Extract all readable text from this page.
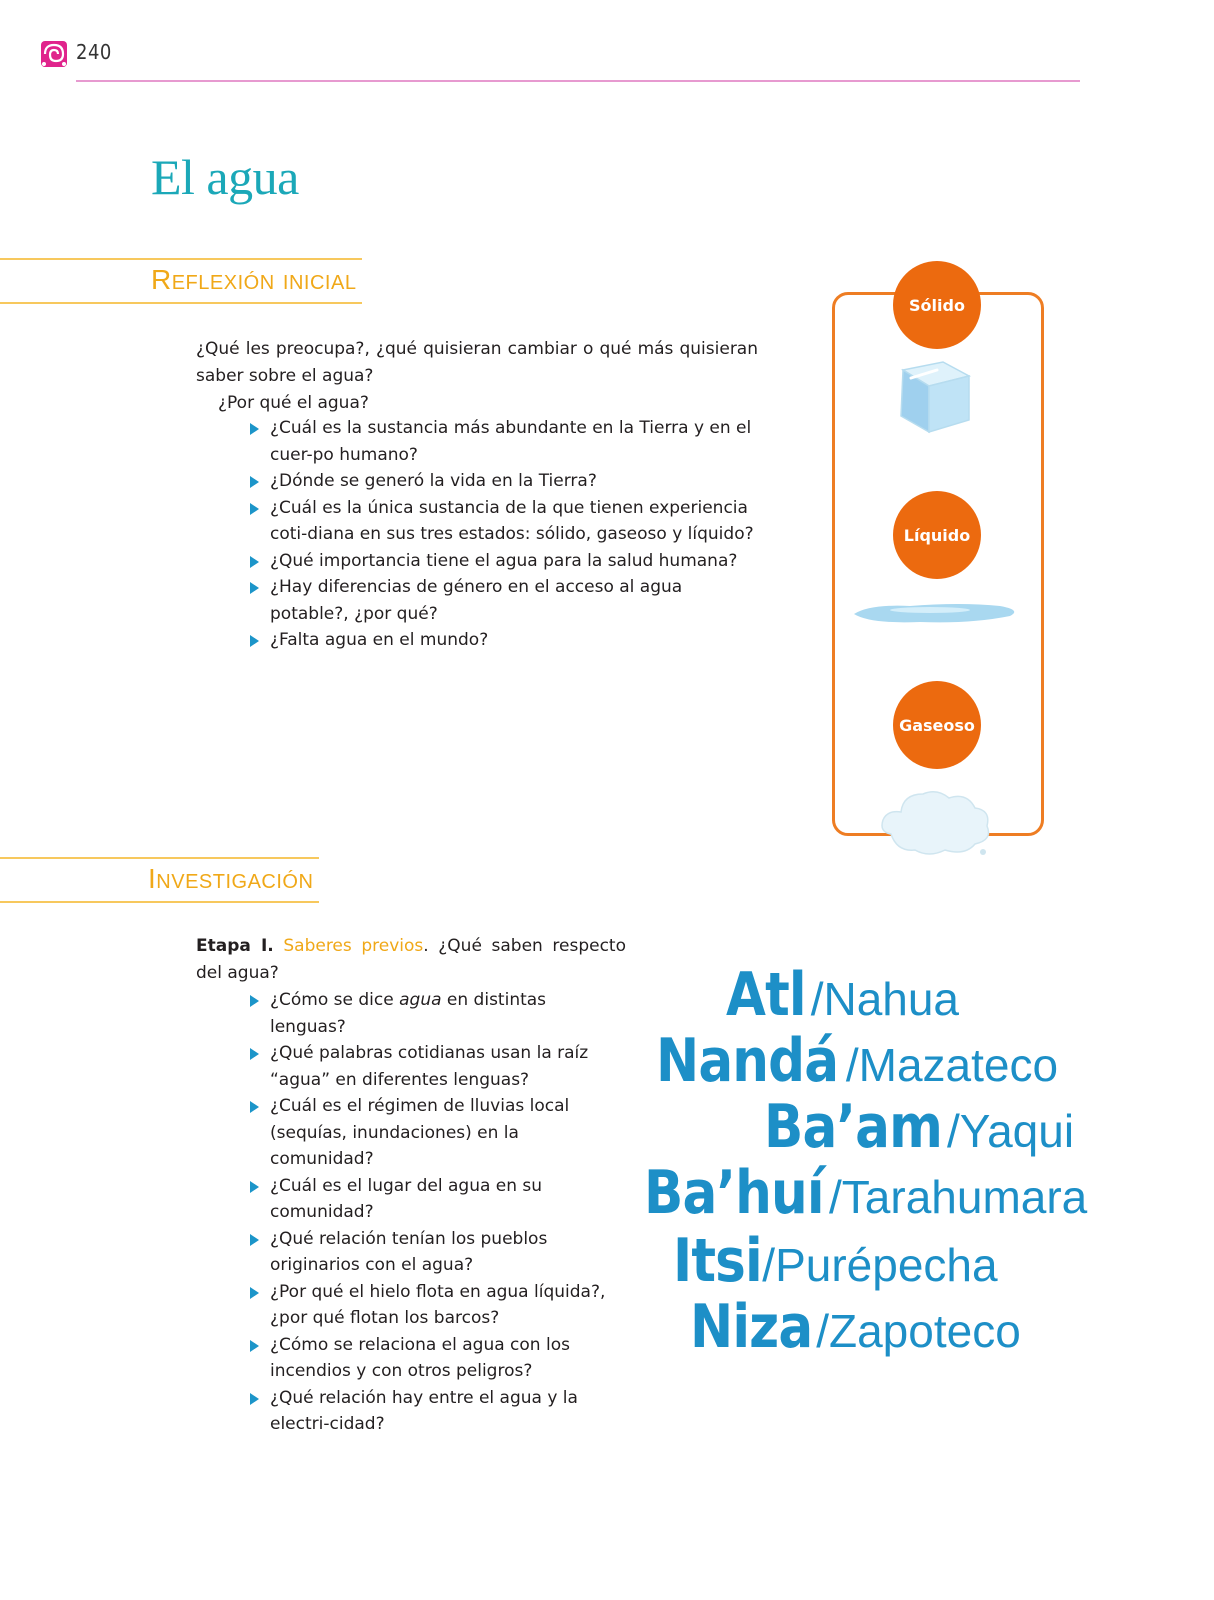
240
El agua
Reflexión inicial
¿Qué les preocupa?, ¿qué quisieran cambiar o qué más quisieran saber sobre el agua?
¿Por qué el agua?
¿Cuál es la sustancia más abundante en la Tierra y en el cuer-po humano?
¿Dónde se generó la vida en la Tierra?
¿Cuál es la única sustancia de la que tienen experiencia coti-diana en sus tres estados: sólido, gaseoso y líquido?
¿Qué importancia tiene el agua para la salud humana?
¿Hay diferencias de género en el acceso al agua potable?, ¿por qué?
¿Falta agua en el mundo?
Sólido
Líquido
Gaseoso
Investigación
Etapa I. Saberes previos. ¿Qué saben respecto del agua?
¿Cómo se dice agua en distintas lenguas?
¿Qué palabras cotidianas usan la raíz “agua” en diferentes lenguas?
¿Cuál es el régimen de lluvias local (sequías, inundaciones) en la comunidad?
¿Cuál es el lugar del agua en su comunidad?
¿Qué relación tenían los pueblos originarios con el agua?
¿Por qué el hielo flota en agua líquida?, ¿por qué flotan los barcos?
¿Cómo se relaciona el agua con los incendios y con otros peligros?
¿Qué relación hay entre el agua y la electri-cidad?
Atl /Nahua
Nandá /Mazateco
Ba’am /Yaqui
Ba’huí /Tarahumara
Itsi /Purépecha
Niza /Zapoteco
